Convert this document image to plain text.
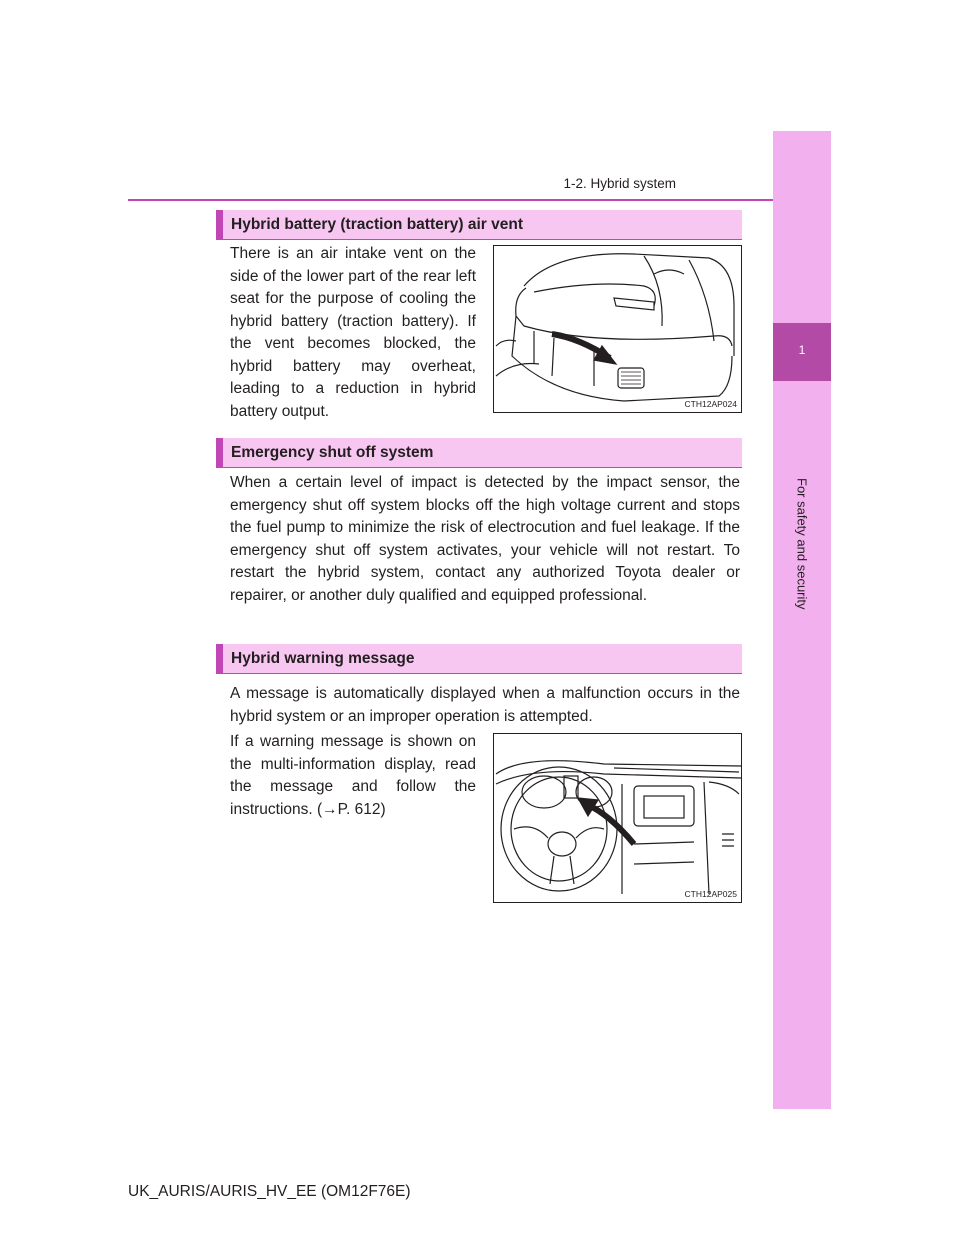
1-2. Hybrid system
1
For safety and security
Hybrid battery (traction battery) air vent
There is an air intake vent on the side of the lower part of the rear left seat for the purpose of cooling the hybrid battery (traction battery). If the vent becomes blocked, the hybrid battery may overheat, leading to a reduction in hybrid battery output.	CTH12AP024
Emergency shut off system
When a certain level of impact is detected by the impact sensor, the emergency shut off system blocks off the high voltage current and stops the fuel pump to minimize the risk of electrocution and fuel leakage. If the emergency shut off system activates, your vehicle will not restart. To restart the hybrid system, contact any authorized Toyota dealer or repairer, or another duly qualified and equipped professional.
Hybrid warning message
A message is automatically displayed when a malfunction occurs in the hybrid system or an improper operation is attempted.
If a warning message is shown on the multi-information display, read the message and follow the instructions. (→P. 612)
CTH12AP025
UK_AURIS/AURIS_HV_EE (OM12F76E)
